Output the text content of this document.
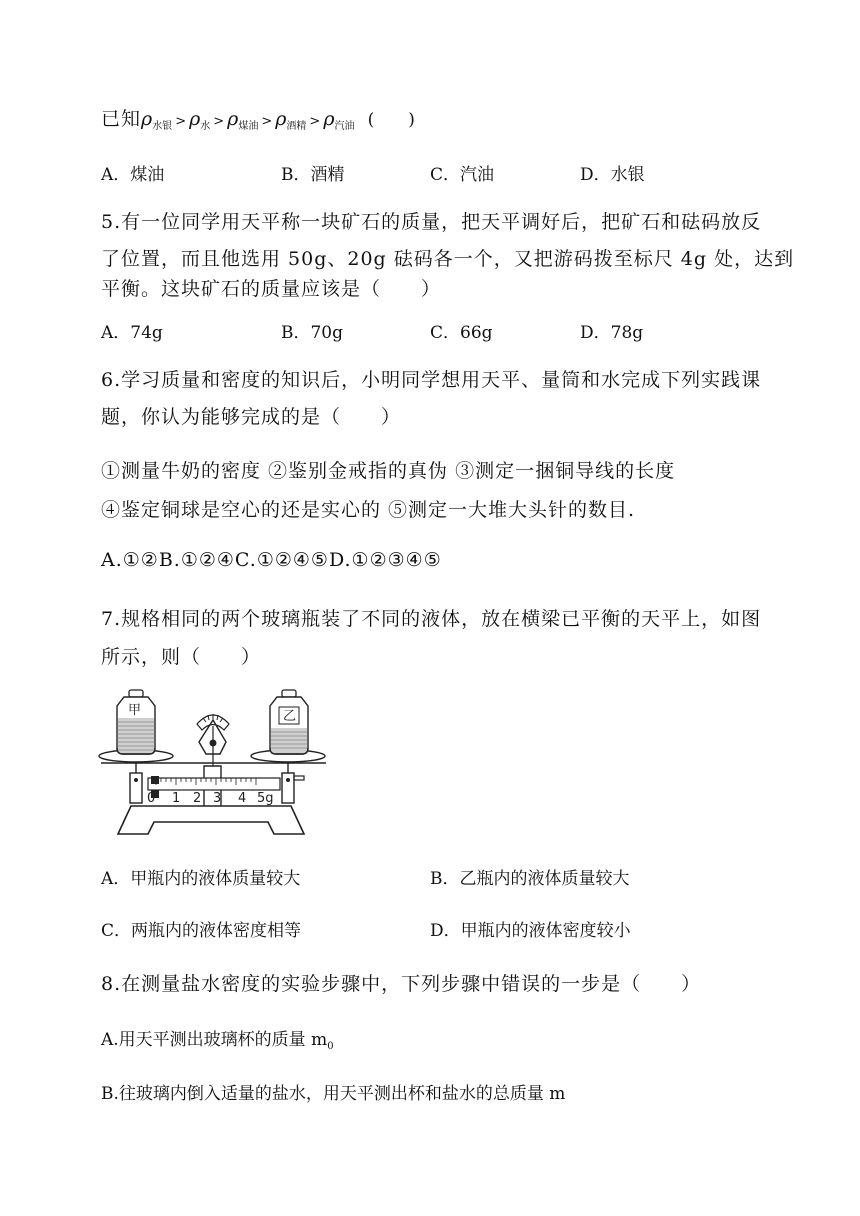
已知$\rho_{水银} > \rho_水 > \rho_{煤油} > \rho_{酒精} > \rho_{汽油}$ (　　)
A．煤油	B．酒精	C．汽油	D．水银
5.有一位同学用天平称一块矿石的质量，把天平调好后，把矿石和砝码放反
了位置，而且他选用 50g、20g 砝码各一个，又把游码拨至标尺 4g 处，达到
平衡。这块矿石的质量应该是（　　）
A．74g	B．70g	C．66g	D．78g
6.学习质量和密度的知识后，小明同学想用天平、量筒和水完成下列实践课
题，你认为能够完成的是（　　）
①测量牛奶的密度 ②鉴别金戒指的真伪 ③测定一捆铜导线的长度
④鉴定铜球是空心的还是实心的 ⑤测定一大堆大头针的数目.
A.①②B.①②④C.①②④⑤D.①②③④⑤
7.规格相同的两个玻璃瓶装了不同的液体，放在横梁已平衡的天平上，如图
所示，则（　　）
0 1 2 3 4 5g
甲	乙
A．甲瓶内的液体质量较大	B．乙瓶内的液体质量较大
C．两瓶内的液体密度相等	D．甲瓶内的液体密度较小
8.在测量盐水密度的实验步骤中，下列步骤中错误的一步是（　　）
A.用天平测出玻璃杯的质量 $m_0$
B.往玻璃内倒入适量的盐水，用天平测出杯和盐水的总质量 m
